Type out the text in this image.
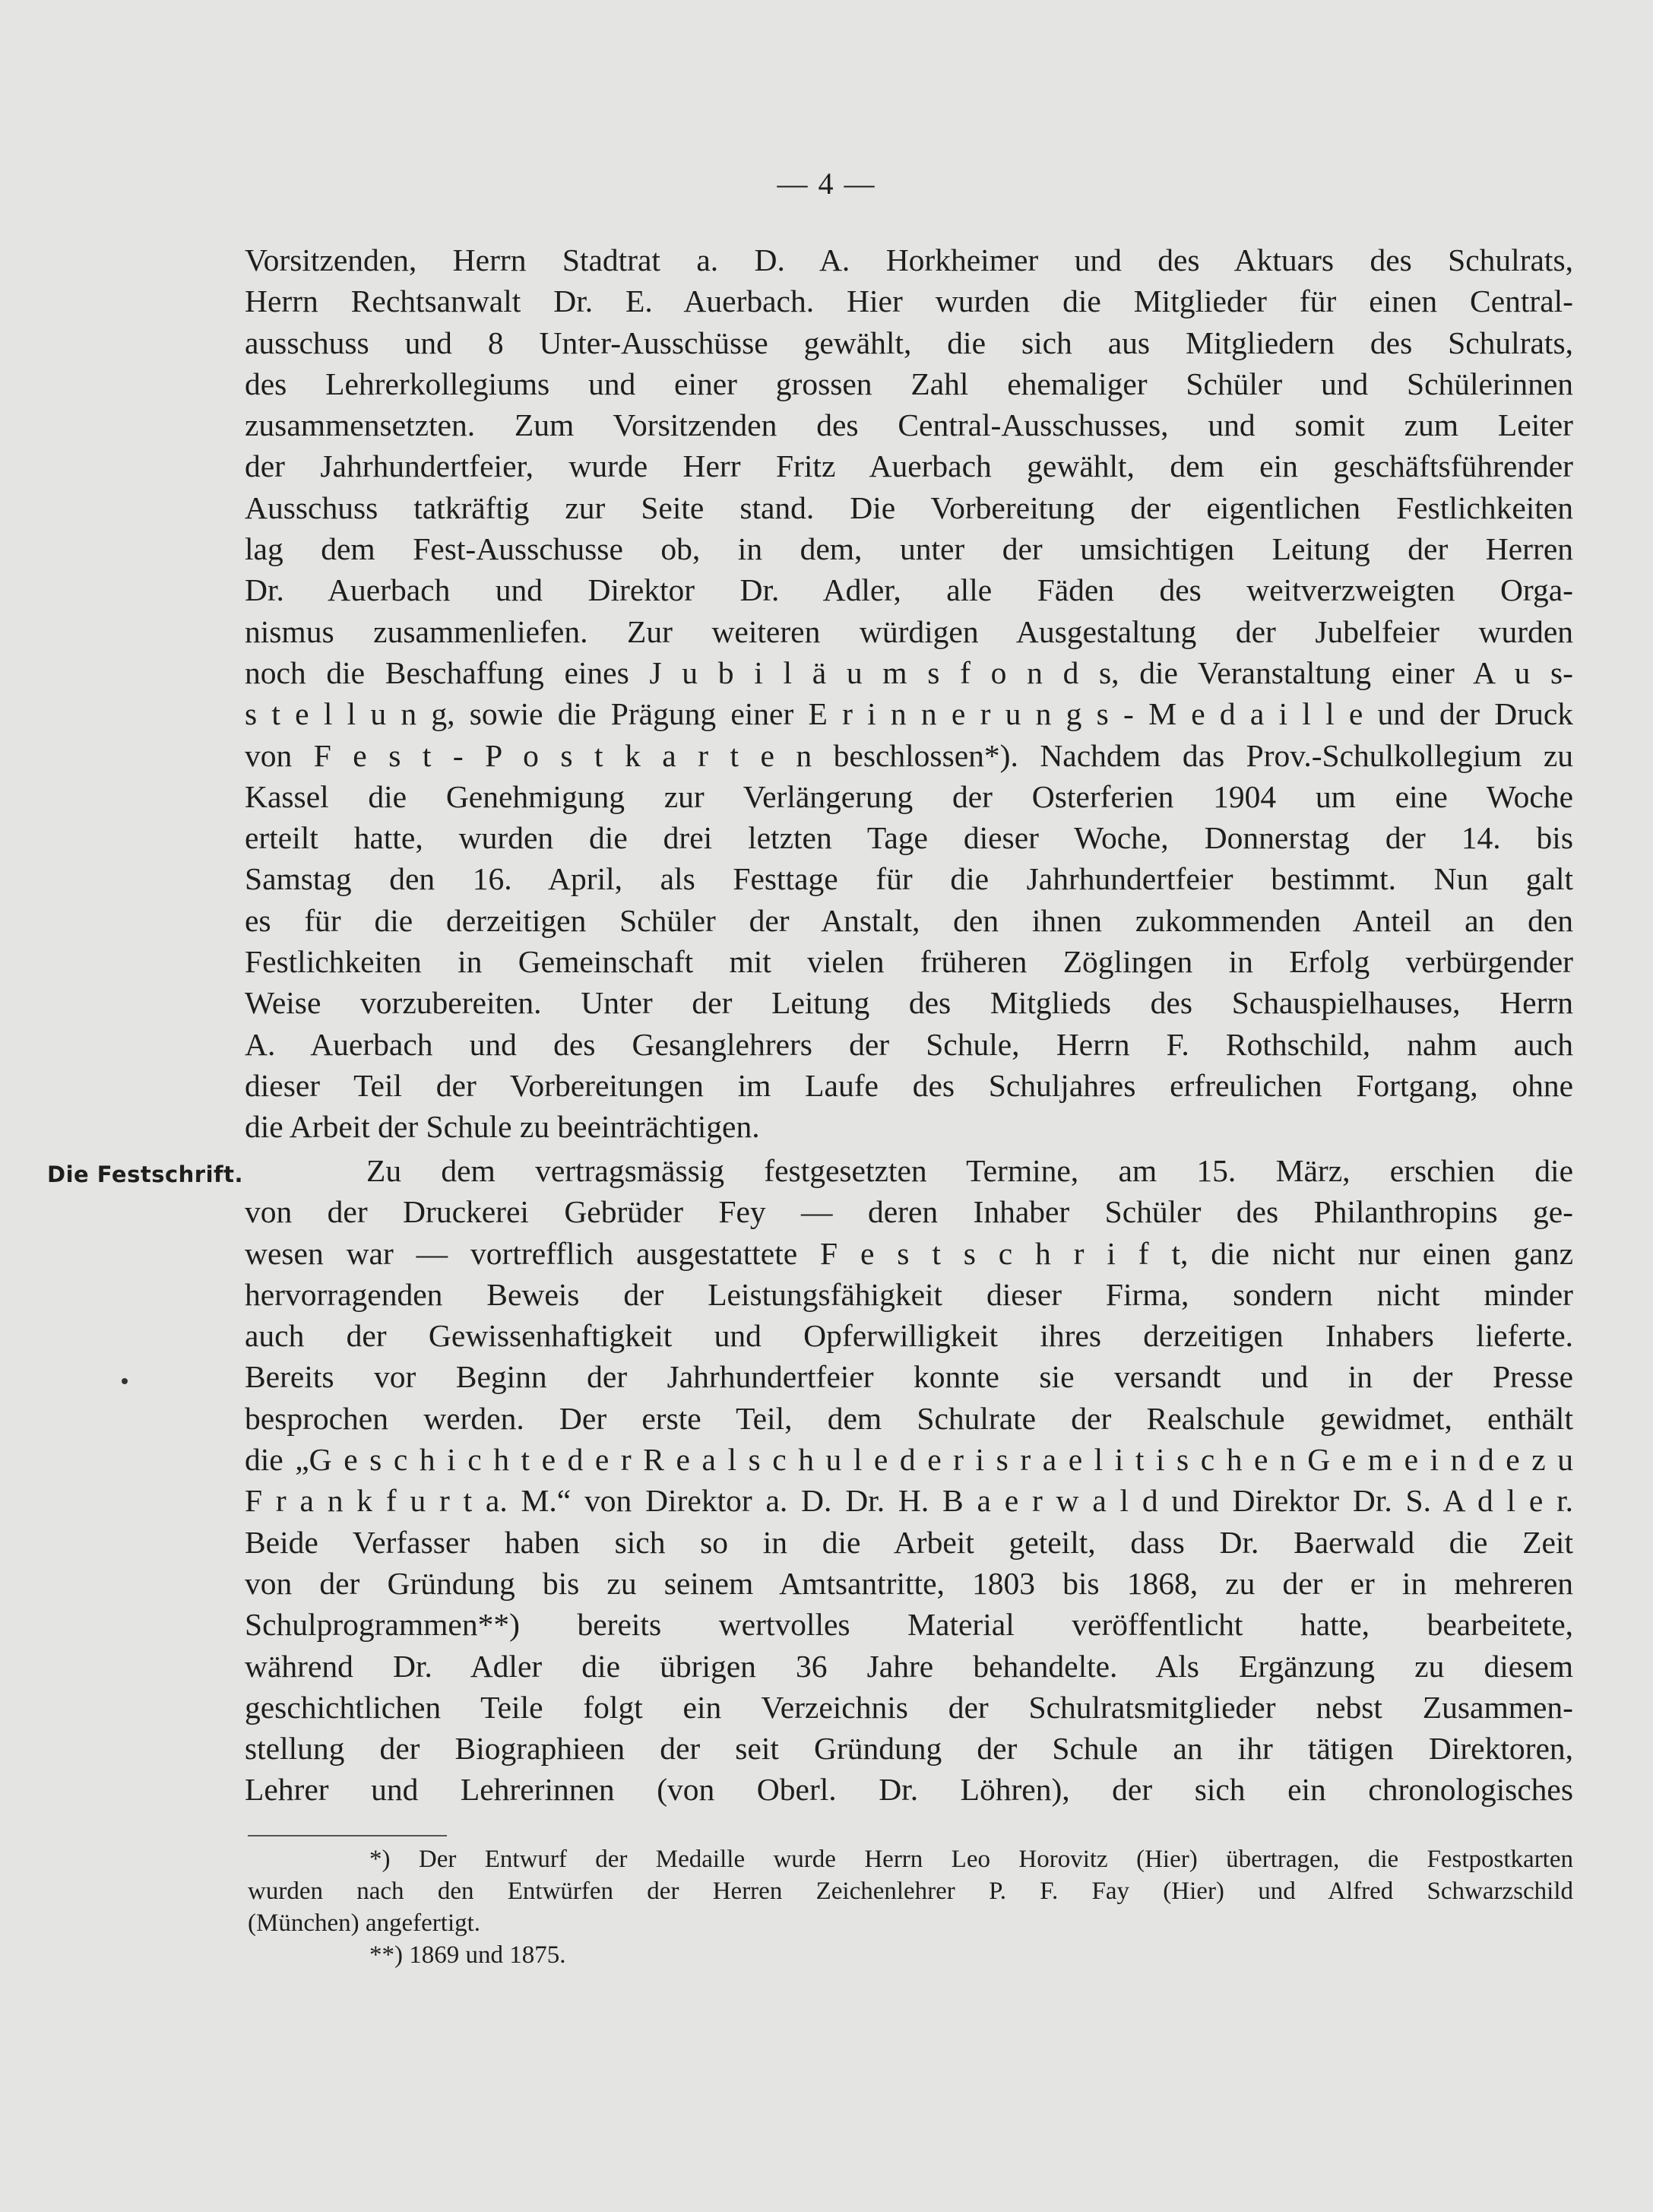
— 4 —
Vorsitzenden, Herrn Stadtrat a. D. A. Horkheimer und des Aktuars des Schulrats,
Herrn Rechtsanwalt Dr. E. Auerbach. Hier wurden die Mitglieder für einen Central-
ausschuss und 8 Unter-Ausschüsse gewählt, die sich aus Mitgliedern des Schulrats,
des Lehrerkollegiums und einer grossen Zahl ehemaliger Schüler und Schülerinnen
zusammensetzten. Zum Vorsitzenden des Central-Ausschusses, und somit zum Leiter
der Jahrhundertfeier, wurde Herr Fritz Auerbach gewählt, dem ein geschäftsführender
Ausschuss tatkräftig zur Seite stand. Die Vorbereitung der eigentlichen Festlichkeiten
lag dem Fest-Ausschusse ob, in dem, unter der umsichtigen Leitung der Herren
Dr. Auerbach und Direktor Dr. Adler, alle Fäden des weitverzweigten Orga-
nismus zusammenliefen. Zur weiteren würdigen Ausgestaltung der Jubelfeier wurden
noch die Beschaffung eines J u b i l ä u m s f o n d s, die Veranstaltung einer A u s-
s t e l l u n g, sowie die Prägung einer E r i n n e r u n g s - M e d a i l l e und der Druck
von F e s t - P o s t k a r t e n beschlossen*). Nachdem das Prov.-Schulkollegium zu
Kassel die Genehmigung zur Verlängerung der Osterferien 1904 um eine Woche
erteilt hatte, wurden die drei letzten Tage dieser Woche, Donnerstag der 14. bis
Samstag den 16. April, als Festtage für die Jahrhundertfeier bestimmt. Nun galt
es für die derzeitigen Schüler der Anstalt, den ihnen zukommenden Anteil an den
Festlichkeiten in Gemeinschaft mit vielen früheren Zöglingen in Erfolg verbürgender
Weise vorzubereiten. Unter der Leitung des Mitglieds des Schauspielhauses, Herrn
A. Auerbach und des Gesanglehrers der Schule, Herrn F. Rothschild, nahm auch
dieser Teil der Vorbereitungen im Laufe des Schuljahres erfreulichen Fortgang, ohne
die Arbeit der Schule zu beeinträchtigen.
Die Festschrift.	Zu dem vertragsmässig festgesetzten Termine, am 15. März, erschien die
von der Druckerei Gebrüder Fey — deren Inhaber Schüler des Philanthropins ge-
wesen war — vortrefflich ausgestattete F e s t s c h r i f t, die nicht nur einen ganz
hervorragenden Beweis der Leistungsfähigkeit dieser Firma, sondern nicht minder
auch der Gewissenhaftigkeit und Opferwilligkeit ihres derzeitigen Inhabers lieferte.
Bereits vor Beginn der Jahrhundertfeier konnte sie versandt und in der Presse
besprochen werden. Der erste Teil, dem Schulrate der Realschule gewidmet, enthält
die „G e s c h i c h t e d e r R e a l s c h u l e d e r i s r a e l i t i s c h e n G e m e i n d e z u
F r a n k f u r t a. M.“ von Direktor a. D. Dr. H. B a e r w a l d und Direktor Dr. S. A d l e r.
Beide Verfasser haben sich so in die Arbeit geteilt, dass Dr. Baerwald die Zeit
von der Gründung bis zu seinem Amtsantritte, 1803 bis 1868, zu der er in mehreren
Schulprogrammen**) bereits wertvolles Material veröffentlicht hatte, bearbeitete,
während Dr. Adler die übrigen 36 Jahre behandelte. Als Ergänzung zu diesem
geschichtlichen Teile folgt ein Verzeichnis der Schulratsmitglieder nebst Zusammen-
stellung der Biographieen der seit Gründung der Schule an ihr tätigen Direktoren,
Lehrer und Lehrerinnen (von Oberl. Dr. Löhren), der sich ein chronologisches
*) Der Entwurf der Medaille wurde Herrn Leo Horovitz (Hier) übertragen, die Festpostkarten
wurden nach den Entwürfen der Herren Zeichenlehrer P. F. Fay (Hier) und Alfred Schwarzschild
(München) angefertigt.
**) 1869 und 1875.
